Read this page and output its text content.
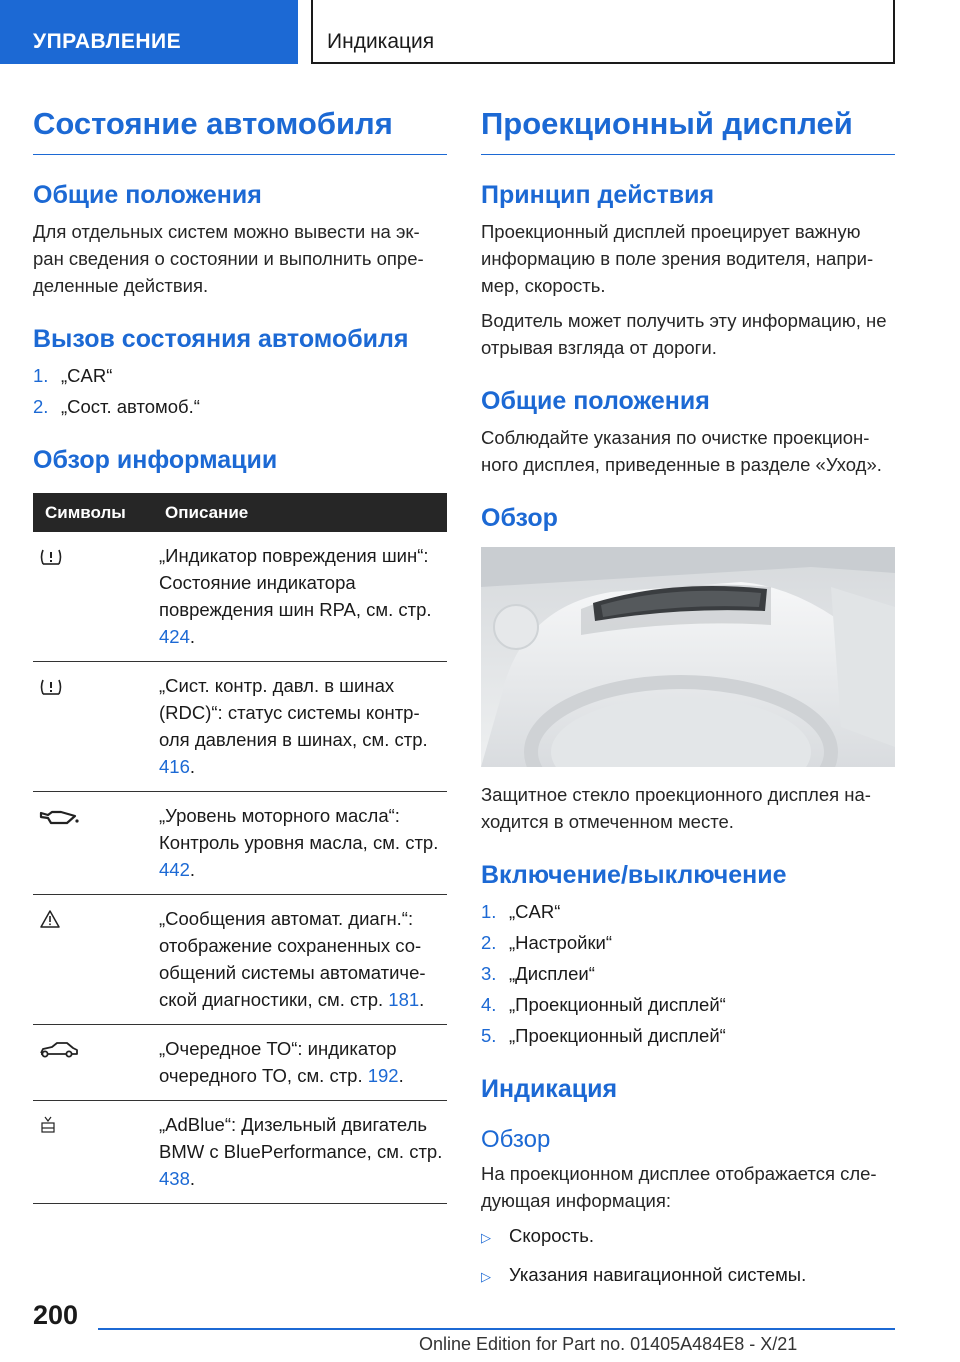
УПРАВЛЕНИЕ	Индикация
Состояние автомобиля
Общие положения

Для отдельных систем можно вывести на эк-ран сведения о состоянии и выполнить опре-деленные действия.

Вызов состояния автомобиля
1. „CAR“
2. „Сост. автомоб.“
Обзор информации
Символы	Описание
	„Индикатор повреждения шин“: Состояние индикатора повреждения шин RPA, см. стр. 424.
	„Сист. контр. давл. в шинах (RDC)“: статус системы контр-оля давления в шинах, см. стр. 416.
	„Уровень моторного масла“: Контроль уровня масла, см. стр. 442.
	„Сообщения автомат. диагн.“: отображение сохраненных со-общений системы автоматиче-ской диагностики, см. стр. 181.
	„Очередное ТО“: индикатор очередного ТО, см. стр. 192.
	„AdBlue“: Дизельный двигатель BMW с BluePerformance, см. стр. 438.
Проекционный дисплей
Принцип действия

Проекционный дисплей проецирует важную информацию в поле зрения водителя, напри-мер, скорость.

Водитель может получить эту информацию, не отрывая взгляда от дороги.

Общие положения

Соблюдайте указания по очистке проекцион-ного дисплея, приведенные в разделе «Уход».

Обзор

Защитное стекло проекционного дисплея на-ходится в отмеченном месте.

Включение/выключение
1. „CAR“
2. „Настройки“
3. „Дисплеи“
4. „Проекционный дисплей“
5. „Проекционный дисплей“
Индикация
Обзор

На проекционном дисплее отображается сле-дующая информация:

▷ Скорость.
▷ Указания навигационной системы.
200
Online Edition for Part no. 01405A484E8 - X/21
